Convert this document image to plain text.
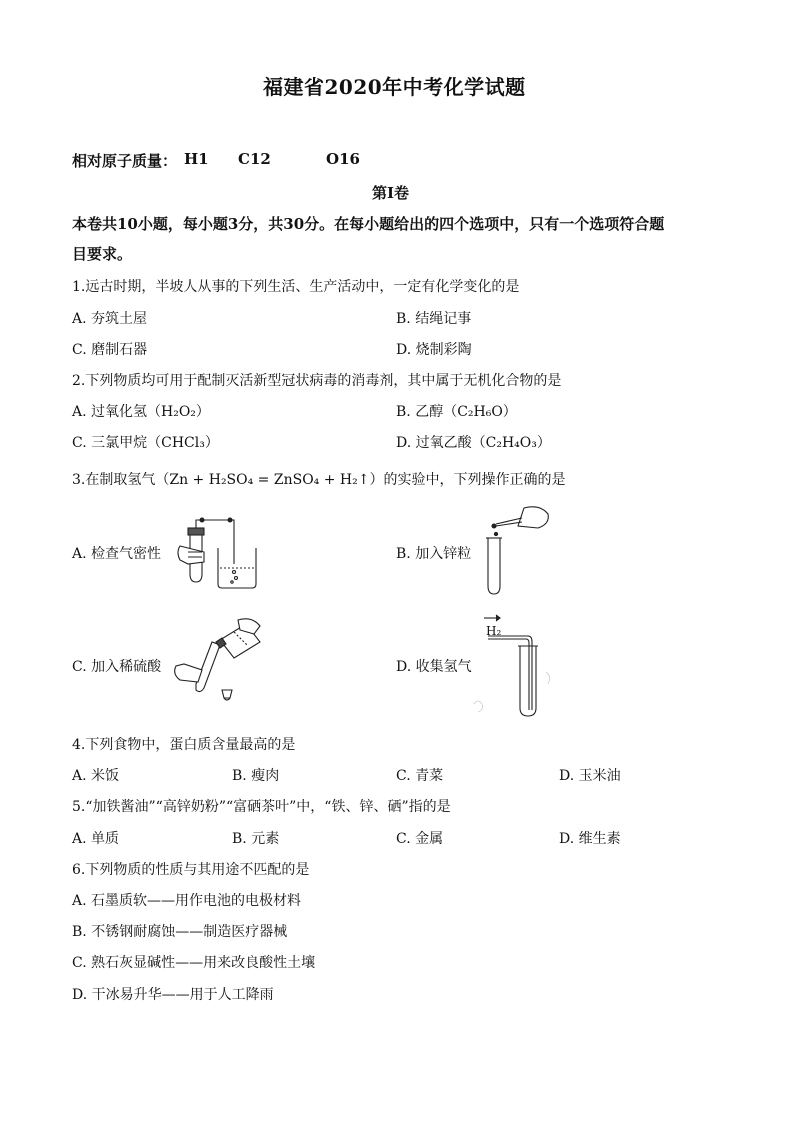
福建省2020年中考化学试题
相对原子质量： H1 C12	O16
第I卷
本卷共10小题，每小题3分，共30分。在每小题给出的四个选项中，只有一个选项符合题
目要求。
1.远古时期，半坡人从事的下列生活、生产活动中，一定有化学变化的是
A. 夯筑土屋	B. 结绳记事
C. 磨制石器	D. 烧制彩陶
2.下列物质均可用于配制灭活新型冠状病毒的消毒剂，其中属于无机化合物的是
A. 过氧化氢（H₂O₂）	B. 乙醇（C₂H₆O）
C. 三氯甲烷（CHCl₃）	D. 过氧乙酸（C₂H₄O₃）
3.在制取氢气（Zn + H₂SO₄ = ZnSO₄ + H₂↑）的实验中，下列操作正确的是
A. 检查气密性	B. 加入锌粒
C. 加入稀硫酸	D. 收集氢气
H₂
4.下列食物中，蛋白质含量最高的是
A. 米饭	B. 瘦肉	C. 青菜	D. 玉米油
5.“加铁酱油”“高锌奶粉”“富硒茶叶”中，“铁、锌、硒”指的是
A. 单质	B. 元素	C. 金属	D. 维生素
6.下列物质的性质与其用途不匹配的是
A. 石墨质软——用作电池的电极材料
B. 不锈钢耐腐蚀——制造医疗器械
C. 熟石灰显碱性——用来改良酸性土壤
D. 干冰易升华——用于人工降雨
